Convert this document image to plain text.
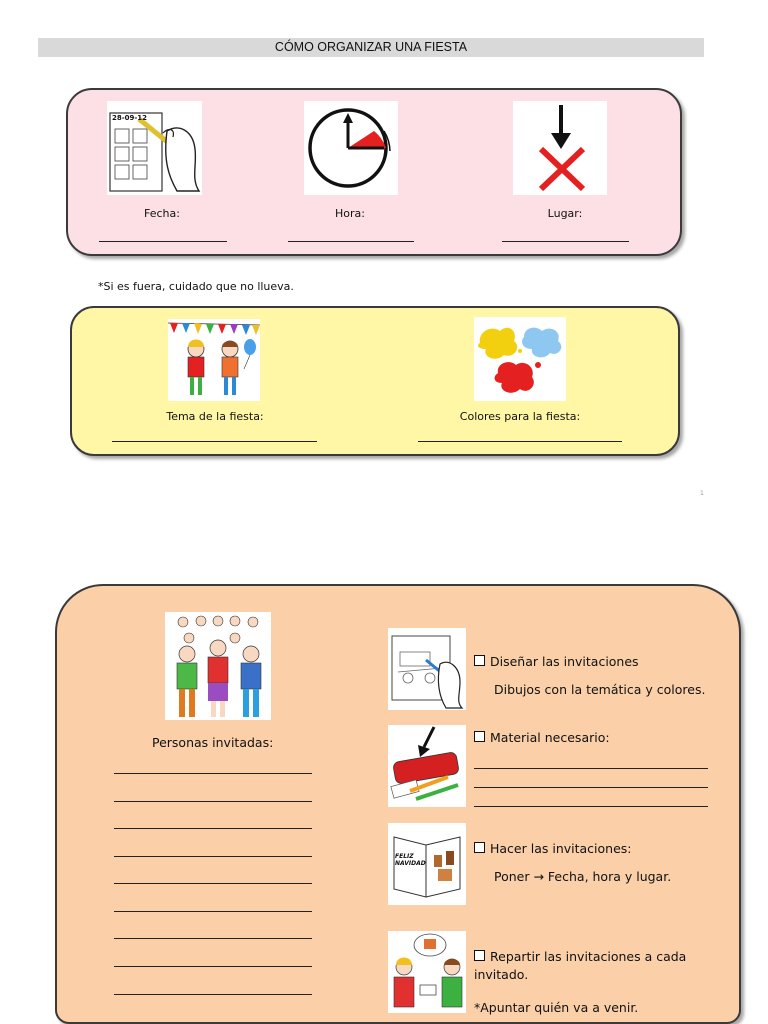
CÓMO ORGANIZAR UNA FIESTA
28-09-12
Fecha:	Hora:	Lugar:
*Si es fuera, cuidado que no llueva.
Tema de la fiesta:	Colores para la fiesta:
1
Personas invitadas:
Diseñar las invitaciones
Dibujos con la temática y colores.
Material necesario:
FELIZ NAVIDAD
Hacer las invitaciones:
Poner → Fecha, hora y lugar.
Repartir las invitaciones a cada
invitado.
*Apuntar quién va a venir.
